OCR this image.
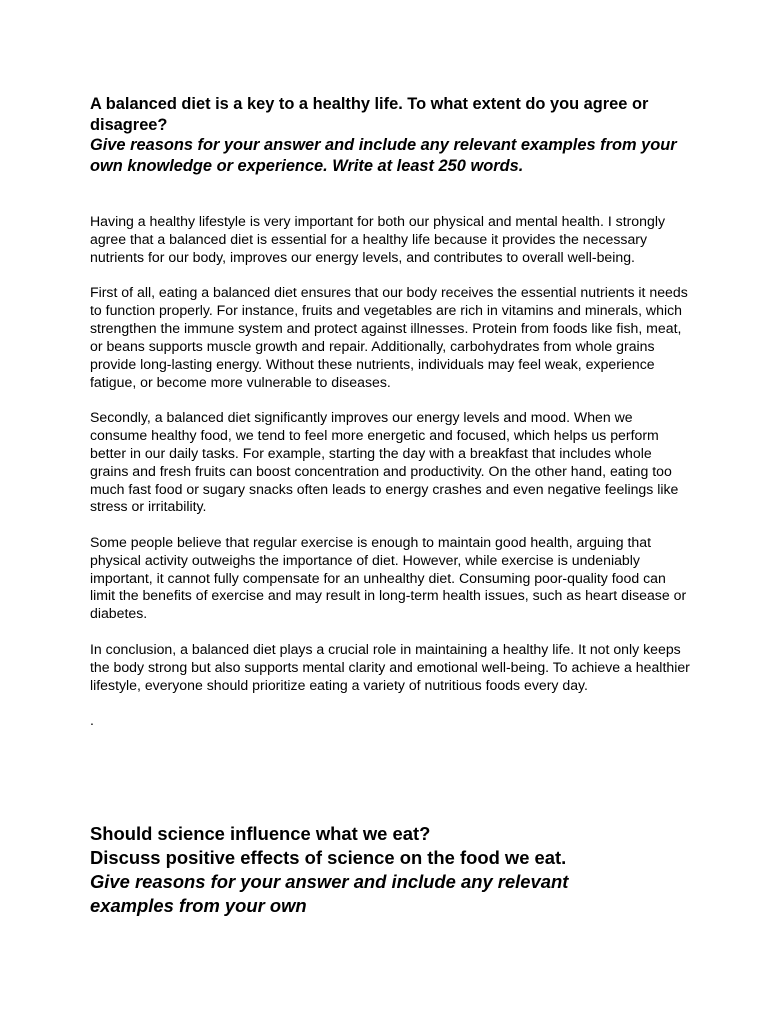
A balanced diet is a key to a healthy life. To what extent do you agree or disagree?

Give reasons for your answer and include any relevant examples from your own knowledge or experience. Write at least 250 words.

Having a healthy lifestyle is very important for both our physical and mental health. I strongly agree that a balanced diet is essential for a healthy life because it provides the necessary nutrients for our body, improves our energy levels, and contributes to overall well-being.

First of all, eating a balanced diet ensures that our body receives the essential nutrients it needs to function properly. For instance, fruits and vegetables are rich in vitamins and minerals, which strengthen the immune system and protect against illnesses. Protein from foods like fish, meat, or beans supports muscle growth and repair. Additionally, carbohydrates from whole grains provide long-lasting energy. Without these nutrients, individuals may feel weak, experience fatigue, or become more vulnerable to diseases.

Secondly, a balanced diet significantly improves our energy levels and mood. When we consume healthy food, we tend to feel more energetic and focused, which helps us perform better in our daily tasks. For example, starting the day with a breakfast that includes whole grains and fresh fruits can boost concentration and productivity. On the other hand, eating too much fast food or sugary snacks often leads to energy crashes and even negative feelings like stress or irritability.

Some people believe that regular exercise is enough to maintain good health, arguing that physical activity outweighs the importance of diet. However, while exercise is undeniably important, it cannot fully compensate for an unhealthy diet. Consuming poor-quality food can limit the benefits of exercise and may result in long-term health issues, such as heart disease or diabetes.

In conclusion, a balanced diet plays a crucial role in maintaining a healthy life. It not only keeps the body strong but also supports mental clarity and emotional well-being. To achieve a healthier lifestyle, everyone should prioritize eating a variety of nutritious foods every day.

.

Should science influence what we eat?

Discuss positive effects of science on the food we eat.

Give reasons for your answer and include any relevant

examples from your own
